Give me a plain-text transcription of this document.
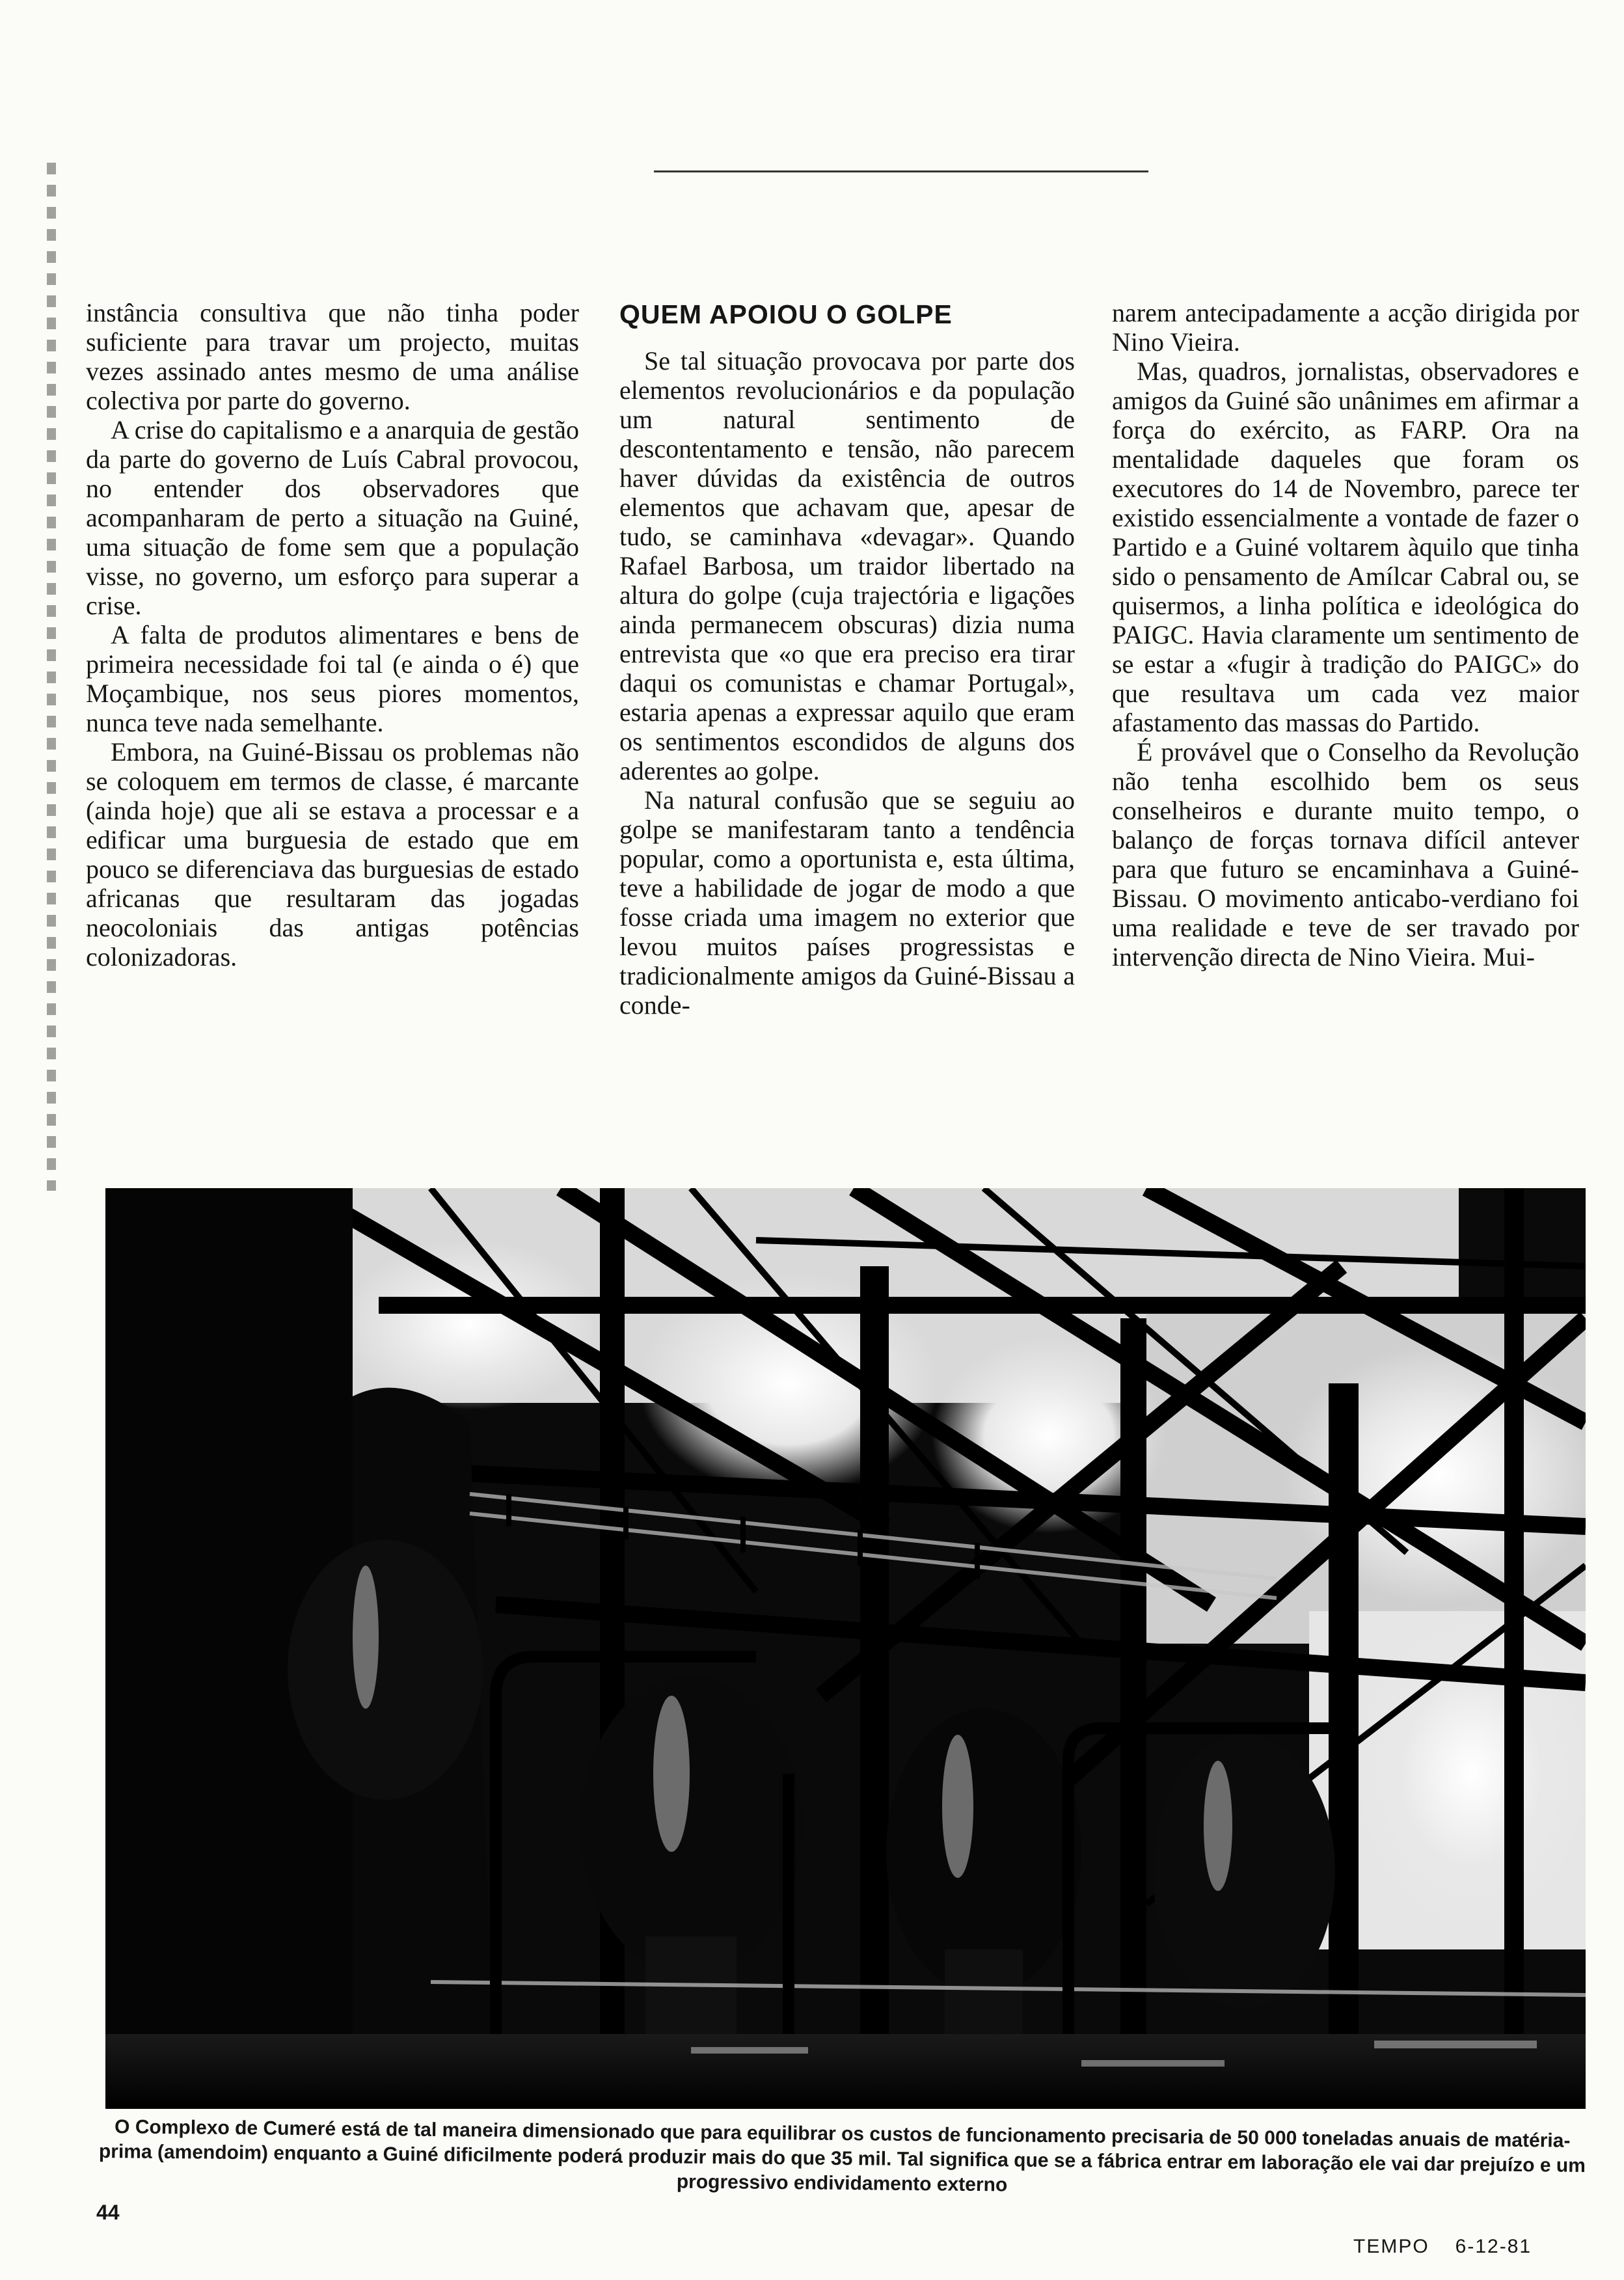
instância consultiva que não tinha poder suficiente para travar um projecto, muitas vezes assinado antes mesmo de uma análise colectiva por parte do governo.

A crise do capitalismo e a anarquia de gestão da parte do governo de Luís Cabral provocou, no entender dos observadores que acompanharam de perto a situação na Guiné, uma situação de fome sem que a população visse, no governo, um esforço para superar a crise.

A falta de produtos alimentares e bens de primeira necessidade foi tal (e ainda o é) que Moçambique, nos seus piores momentos, nunca teve nada semelhante.

Embora, na Guiné-Bissau os problemas não se coloquem em termos de classe, é marcante (ainda hoje) que ali se estava a processar e a edificar uma burguesia de estado que em pouco se diferenciava das burguesias de estado africanas que resultaram das jogadas neocoloniais das antigas potências colonizadoras.

QUEM APOIOU O GOLPE

Se tal situação provocava por parte dos elementos revolucionários e da população um natural sentimento de descontentamento e tensão, não parecem haver dúvidas da existência de outros elementos que achavam que, apesar de tudo, se caminhava «devagar». Quando Rafael Barbosa, um traidor libertado na altura do golpe (cuja trajectória e ligações ainda permanecem obscuras) dizia numa entrevista que «o que era preciso era tirar daqui os comunistas e chamar Portugal», estaria apenas a expressar aquilo que eram os sentimentos escondidos de alguns dos aderentes ao golpe.

Na natural confusão que se seguiu ao golpe se manifestaram tanto a tendência popular, como a oportunista e, esta última, teve a habilidade de jogar de modo a que fosse criada uma imagem no exterior que levou muitos países progressistas e tradicionalmente amigos da Guiné-Bissau a conde-

narem antecipadamente a acção dirigida por Nino Vieira.

Mas, quadros, jornalistas, observadores e amigos da Guiné são unânimes em afirmar a força do exército, as FARP. Ora na mentalidade daqueles que foram os executores do 14 de Novembro, parece ter existido essencialmente a vontade de fazer o Partido e a Guiné voltarem àquilo que tinha sido o pensamento de Amílcar Cabral ou, se quisermos, a linha política e ideológica do PAIGC. Havia claramente um sentimento de se estar a «fugir à tradição do PAIGC» do que resultava um cada vez maior afastamento das massas do Partido.

É provável que o Conselho da Revolução não tenha escolhido bem os seus conselheiros e durante muito tempo, o balanço de forças tornava difícil antever para que futuro se encaminhava a Guiné-Bissau. O movimento anticabo-verdiano foi uma realidade e teve de ser travado por intervenção directa de Nino Vieira. Mui-

O Complexo de Cumeré está de tal maneira dimensionado que para equilibrar os custos de funcionamento precisaria de 50 000 toneladas anuais de matéria-prima (amendoim) enquanto a Guiné dificilmente poderá produzir mais do que 35 mil. Tal significa que se a fábrica entrar em laboração ele vai dar prejuízo e um progressivo endividamento externo
44
TEMPO 6-12-81
